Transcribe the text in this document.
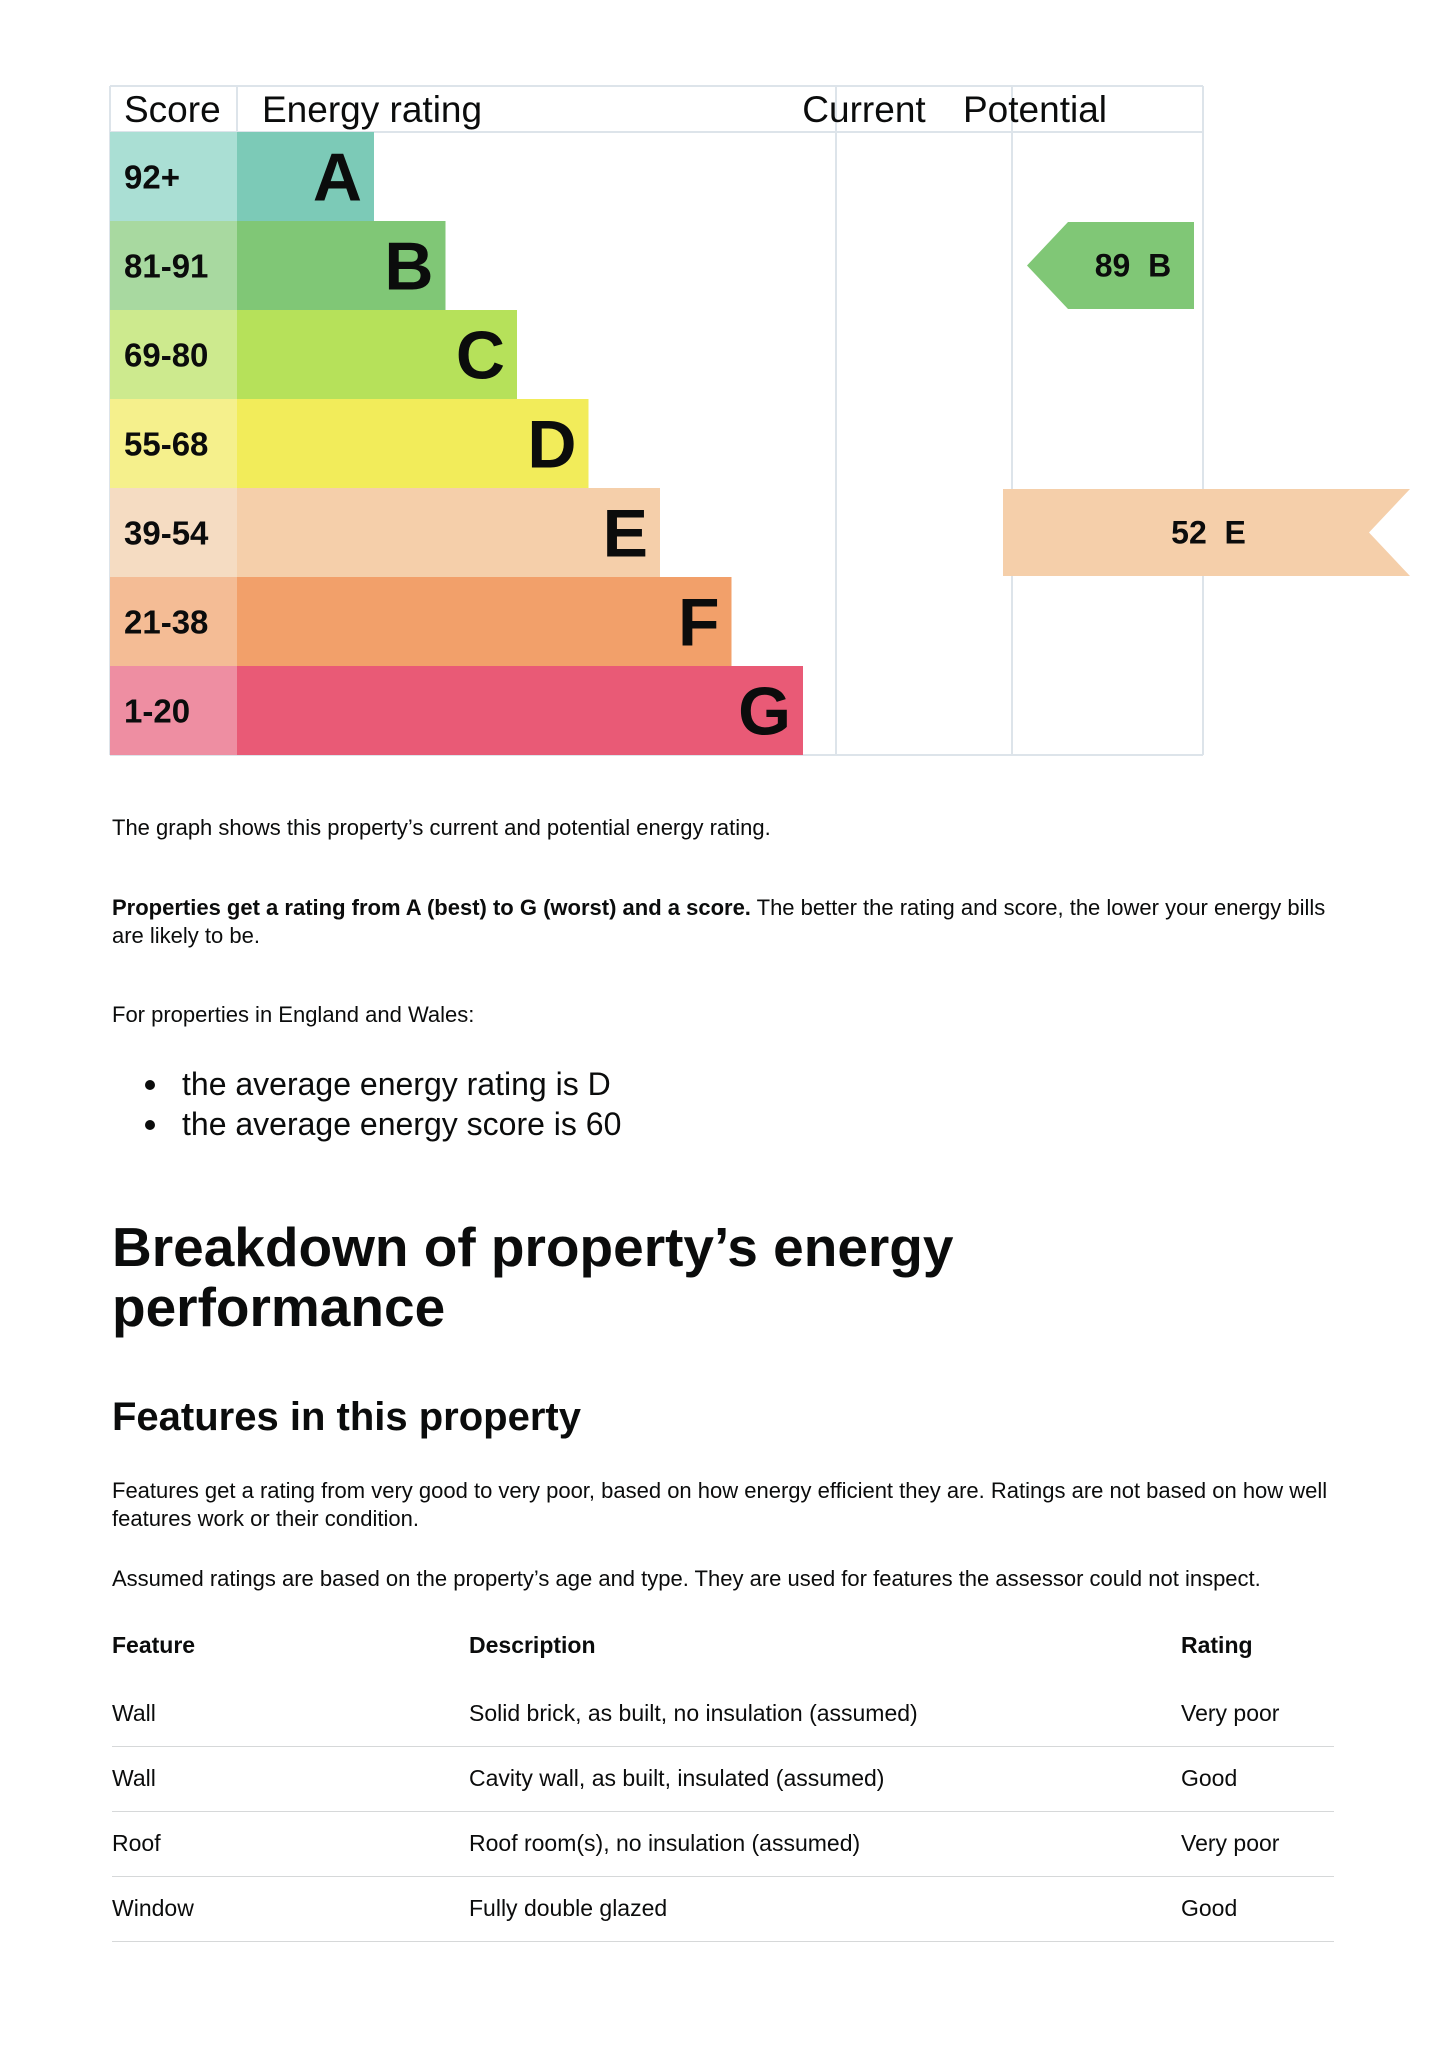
92+ A
81-91	B
69-80	C
55-68	D
39-54	E
21-38	F
1-20	G
52  E
89  B
Score Energy rating	Current Potential

The graph shows this property’s current and potential energy rating.

Properties get a rating from A (best) to G (worst) and a score. The better the rating and score, the lower your energy bills are likely to be.

For properties in England and Wales:

the average energy rating is D
the average energy score is 60
Breakdown of property’s energy performance
Features in this property

Features get a rating from very good to very poor, based on how energy efficient they are. Ratings are not based on how well features work or their condition.

Assumed ratings are based on the property’s age and type. They are used for features the assessor could not inspect.

Feature	Description	Rating
Wall	Solid brick, as built, no insulation (assumed)	Very poor
Wall	Cavity wall, as built, insulated (assumed)	Good
Roof	Roof room(s), no insulation (assumed)	Very poor
Window	Fully double glazed	Good
